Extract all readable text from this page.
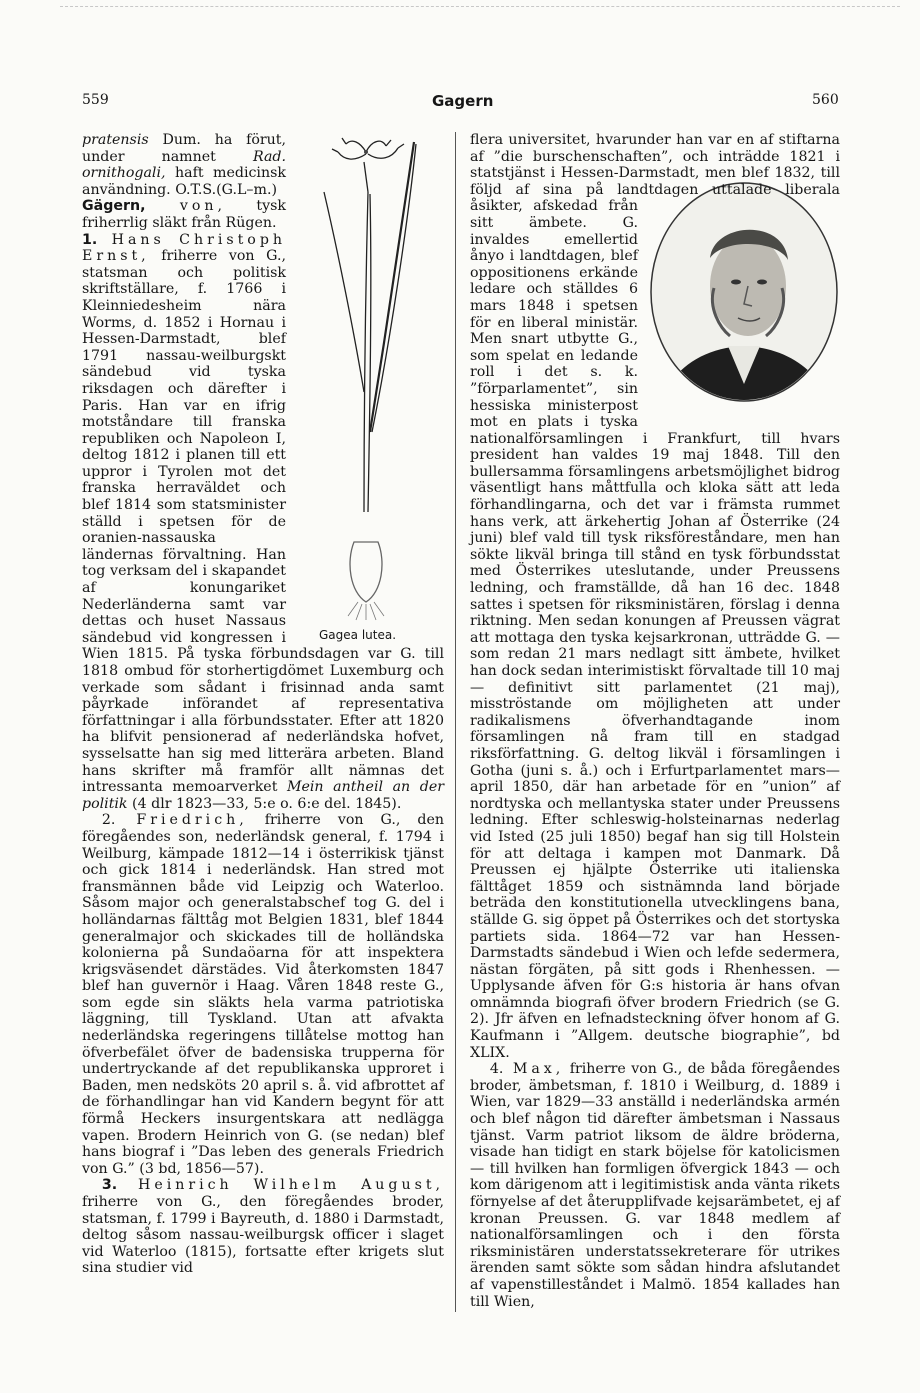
559	Gagern	560
Gagea lutea.

pratensis Dum. ha förut, under namnet Rad. ornithogali, haft medicinsk användning. O.T.S.(G.L–m.)

Gägern, von, tysk friherrlig släkt från Rügen.

1. Hans Christoph Ernst, friherre von G., statsman och politisk skriftställare, f. 1766 i Kleinniedesheim nära Worms, d. 1852 i Hornau i Hessen-Darmstadt, blef 1791 nassau-weilburgskt sändebud vid tyska riksdagen och därefter i Paris. Han var en ifrig motståndare till franska republiken och Napoleon I, deltog 1812 i planen till ett uppror i Tyrolen mot det franska herraväldet och blef 1814 som statsminister ställd i spetsen för de oranien-nassauska ländernas förvaltning. Han tog verksam del i skapandet af konungariket Nederländerna samt var dettas och huset Nassaus sändebud vid kongressen i Wien 1815. På tyska förbundsdagen var G. till 1818 ombud för storhertigdömet Luxemburg och verkade som sådant i frisinnad anda samt påyrkade införandet af representativa författningar i alla förbundsstater. Efter att 1820 ha blifvit pensionerad af nederländska hofvet, sysselsatte han sig med litterära arbeten. Bland hans skrifter må framför allt nämnas det intressanta memoarverket Mein antheil an der politik (4 dlr 1823—33, 5:e o. 6:e del. 1845).

2. Friedrich, friherre von G., den föregåendes son, nederländsk general, f. 1794 i Weilburg, kämpade 1812—14 i österrikisk tjänst och gick 1814 i nederländsk. Han stred mot fransmännen både vid Leipzig och Waterloo. Såsom major och generalstabschef tog G. del i holländarnas fälttåg mot Belgien 1831, blef 1844 generalmajor och skickades till de holländska kolonierna på Sundaöarna för att inspektera krigsväsendet därstädes. Vid återkomsten 1847 blef han guvernör i Haag. Våren 1848 reste G., som egde sin släkts hela varma patriotiska läggning, till Tyskland. Utan att afvakta nederländska regeringens tillåtelse mottog han öfverbefälet öfver de badensiska trupperna för undertryckande af det republikanska upproret i Baden, men nedsköts 20 april s. å. vid afbrottet af de förhandlingar han vid Kandern begynt för att förmå Heckers insurgentskara att nedlägga vapen. Brodern Heinrich von G. (se nedan) blef hans biograf i ”Das leben des generals Friedrich von G.” (3 bd, 1856—57).

3. Heinrich Wilhelm August, friherre von G., den föregåendes broder, statsman, f. 1799 i Bayreuth, d. 1880 i Darmstadt, deltog såsom nassau-weilburgsk officer i slaget vid Waterloo (1815), fortsatte efter krigets slut sina studier vid

flera universitet, hvarunder han var en af stiftarna af ”die burschenschaften”, och inträdde 1821 i statstjänst i Hessen-Darmstadt, men blef 1832, till följd af sina på landtdagen uttalade liberala åsikter,
afskedad från sitt ämbete. G. invaldes emellertid ånyo i landtdagen, blef oppositionens erkände ledare och ställdes 6 mars 1848 i spetsen för en liberal ministär. Men snart utbytte G., som spelat en ledande roll i det s. k. ”förparlamentet”, sin hessiska ministerpost mot en plats i tyska nationalförsamlingen i Frankfurt, till hvars president han valdes 19 maj 1848. Till den bullersamma församlingens arbetsmöjlighet bidrog väsentligt hans måttfulla och kloka sätt att leda förhandlingarna, och det var i främsta rummet hans verk, att ärkehertig Johan af Österrike (24 juni) blef vald till tysk riksföreståndare, men han sökte likväl bringa till stånd en tysk förbundsstat med Österrikes uteslutande, under Preussens ledning, och framställde, då han 16 dec. 1848 sattes i spetsen för riksministären, förslag i denna riktning. Men sedan konungen af Preussen vägrat att mottaga den tyska kejsarkronan, utträdde G. — som redan 21 mars nedlagt sitt ämbete, hvilket han dock sedan interimistiskt förvaltade till 10 maj — definitivt sitt parlamentet (21 maj), misströstande om möjligheten att under radikalismens öfverhandtagande inom församlingen nå fram till en stadgad riksförfattning. G. deltog likväl i församlingen i Gotha (juni s. å.) och i Erfurtparlamentet mars—april 1850, där han arbetade för en ”union” af nordtyska och mellantyska stater under Preussens ledning. Efter schleswig-holsteinarnas nederlag vid Isted (25 juli 1850) begaf han sig till Holstein för att deltaga i kampen mot Danmark. Då Preussen ej hjälpte Österrike uti italienska fälttåget 1859 och sistnämnda land började beträda den konstitutionella utvecklingens bana, ställde G. sig öppet på Österrikes och det stortyska partiets sida. 1864—72 var han Hessen-Darmstadts sändebud i Wien och lefde sedermera, nästan förgäten, på sitt gods i Rhenhessen. — Upplysande äfven för G:s historia är hans ofvan omnämnda biografi öfver brodern Friedrich (se G. 2). Jfr äfven en lefnadsteckning öfver honom af G. Kaufmann i ”Allgem. deutsche biographie”, bd XLIX.

4. Max, friherre von G., de båda föregåendes broder, ämbetsman, f. 1810 i Weilburg, d. 1889 i Wien, var 1829—33 anställd i nederländska armén och blef någon tid därefter ämbetsman i Nassaus tjänst. Varm patriot liksom de äldre bröderna, visade han tidigt en stark böjelse för katolicismen — till hvilken han formligen öfvergick 1843 — och kom därigenom att i legitimistisk anda vänta rikets förnyelse af det återupplifvade kejsarämbetet, ej af kronan Preussen. G. var 1848 medlem af nationalförsamlingen och i den första riksministären understatssekreterare för utrikes ärenden samt sökte som sådan hindra afslutandet af vapenstilleståndet i Malmö. 1854 kallades han till Wien,
